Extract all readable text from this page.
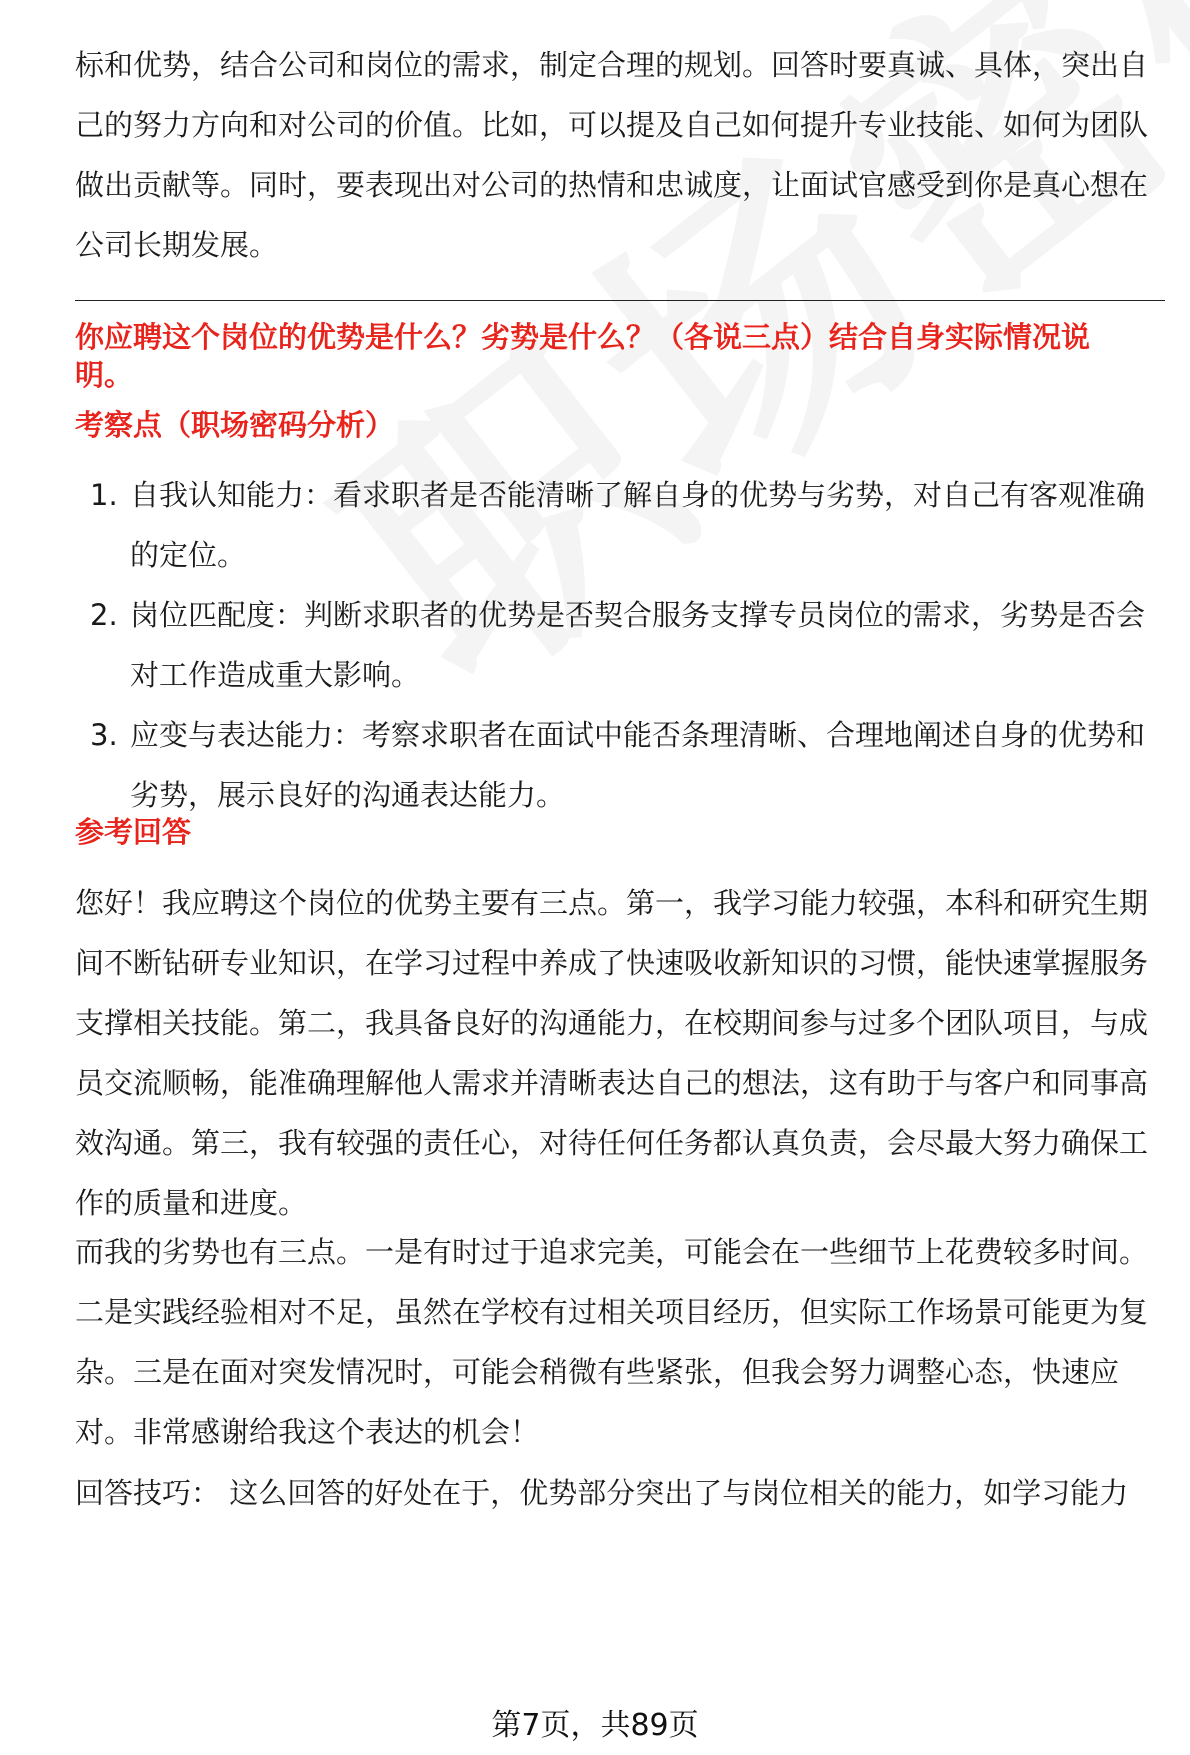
标和优势，结合公司和岗位的需求，制定合理的规划。回答时要真诚、具体，突出自己的努力方向和对公司的价值。比如，可以提及自己如何提升专业技能、如何为团队做出贡献等。同时，要表现出对公司的热情和忠诚度，让面试官感受到你是真心想在公司长期发展。

你应聘这个岗位的优势是什么？劣势是什么？（各说三点）结合自身实际情况说明。

考察点（职场密码分析）

1. 自我认知能力：看求职者是否能清晰了解自身的优势与劣势，对自己有客观准确的定位。
2. 岗位匹配度：判断求职者的优势是否契合服务支撑专员岗位的需求，劣势是否会对工作造成重大影响。
3. 应变与表达能力：考察求职者在面试中能否条理清晰、合理地阐述自身的优势和劣势，展示良好的沟通表达能力。

参考回答

您好！我应聘这个岗位的优势主要有三点。第一，我学习能力较强，本科和研究生期间不断钻研专业知识，在学习过程中养成了快速吸收新知识的习惯，能快速掌握服务支撑相关技能。第二，我具备良好的沟通能力，在校期间参与过多个团队项目，与成员交流顺畅，能准确理解他人需求并清晰表达自己的想法，这有助于与客户和同事高效沟通。第三，我有较强的责任心，对待任何任务都认真负责，会尽最大努力确保工作的质量和进度。

而我的劣势也有三点。一是有时过于追求完美，可能会在一些细节上花费较多时间。二是实践经验相对不足，虽然在学校有过相关项目经历，但实际工作场景可能更为复杂。三是在面对突发情况时，可能会稍微有些紧张，但我会努力调整心态，快速应对。非常感谢给我这个表达的机会！

回答技巧： 这么回答的好处在于，优势部分突出了与岗位相关的能力，如学习能力

第7页，共89页
